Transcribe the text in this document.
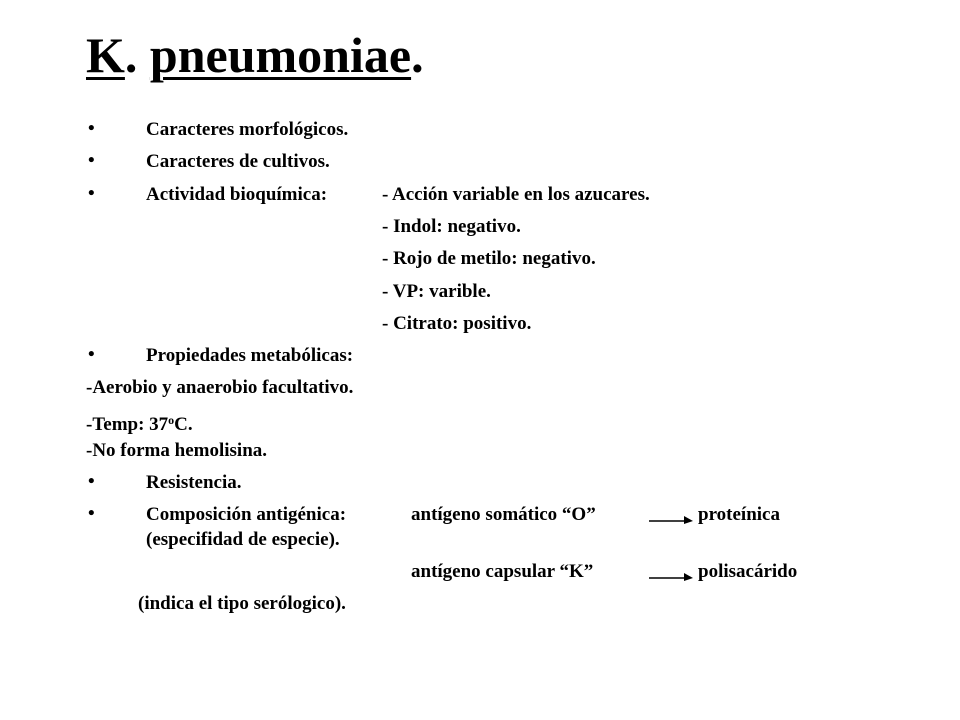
K. pneumoniae.
•	Caracteres morfológicos.
•	Caracteres de cultivos.
•	Actividad bioquímica:	- Acción variable en los azucares.
- Indol: negativo.
- Rojo de metilo: negativo.
- VP: varible.
- Citrato: positivo.
•	Propiedades metabólicas:
-Aerobio y anaerobio facultativo.
-Temp: 37$^o$C.
-No forma hemolisina.
•	Resistencia.
•	Composición antigénica:	antígeno somático “O”	proteínica
(especifidad de especie).
antígeno capsular “K”	polisacárido
(indica el tipo serólogico).
